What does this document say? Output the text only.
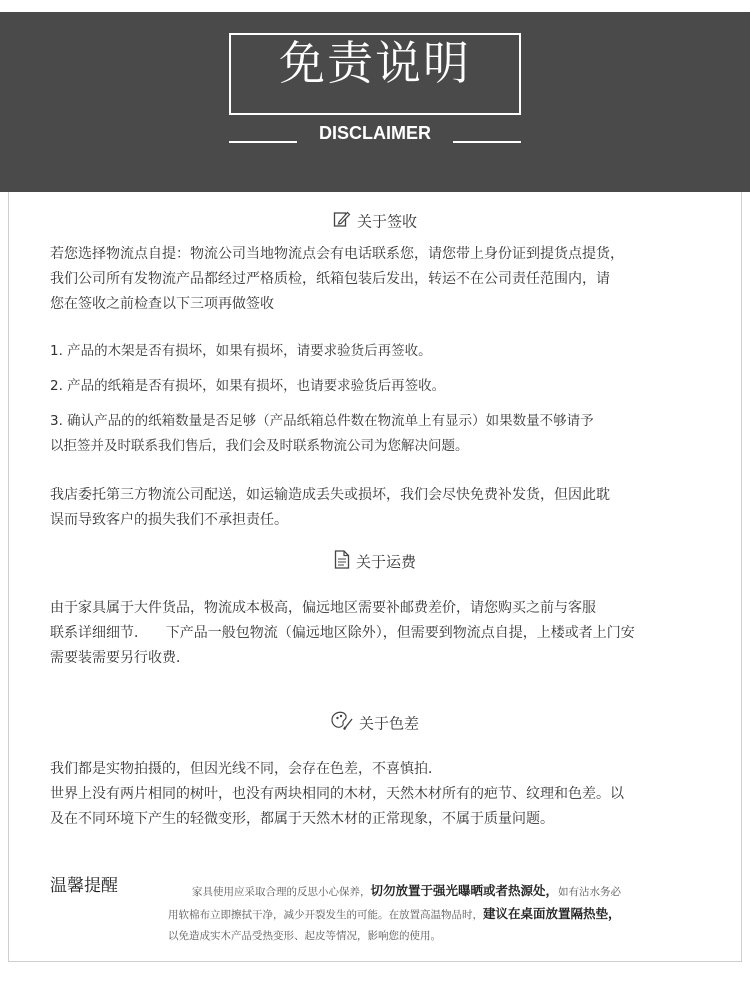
免责说明
DISCLAIMER
关于签收
若您选择物流点自提：物流公司当地物流点会有电话联系您，请您带上身份证到提货点提货，
我们公司所有发物流产品都经过严格质检，纸箱包装后发出，转运不在公司责任范围内，请
您在签收之前检查以下三项再做签收
1. 产品的木架是否有损坏，如果有损坏，请要求验货后再签收。
2. 产品的纸箱是否有损坏，如果有损坏，也请要求验货后再签收。
3. 确认产品的的纸箱数量是否足够（产品纸箱总件数在物流单上有显示）如果数量不够请予
以拒签并及时联系我们售后，我们会及时联系物流公司为您解决问题。
我店委托第三方物流公司配送，如运输造成丢失或损坏，我们会尽快免费补发货，但因此耽
误而导致客户的损失我们不承担责任。
关于运费
由于家具属于大件货品，物流成本极高，偏远地区需要补邮费差价，请您购买之前与客服
联系详细细节．    下产品一般包物流（偏远地区除外），但需要到物流点自提，上楼或者上门安
需要装需要另行收费．
关于色差
我们都是实物拍摄的，但因光线不同，会存在色差，不喜慎拍．
世界上没有两片相同的树叶，也没有两块相同的木材，天然木材所有的疤节、纹理和色差。以
及在不同环境下产生的轻微变形，都属于天然木材的正常现象，不属于质量问题。
温馨提醒	家具使用应采取合理的反思小心保养，切勿放置于强光曝晒或者热源处，如有沾水务必
用软棉布立即擦拭干净，减少开裂发生的可能。在放置高温物品时，建议在桌面放置隔热垫，
以免造成实木产品受热变形、起皮等情况，影响您的使用。
